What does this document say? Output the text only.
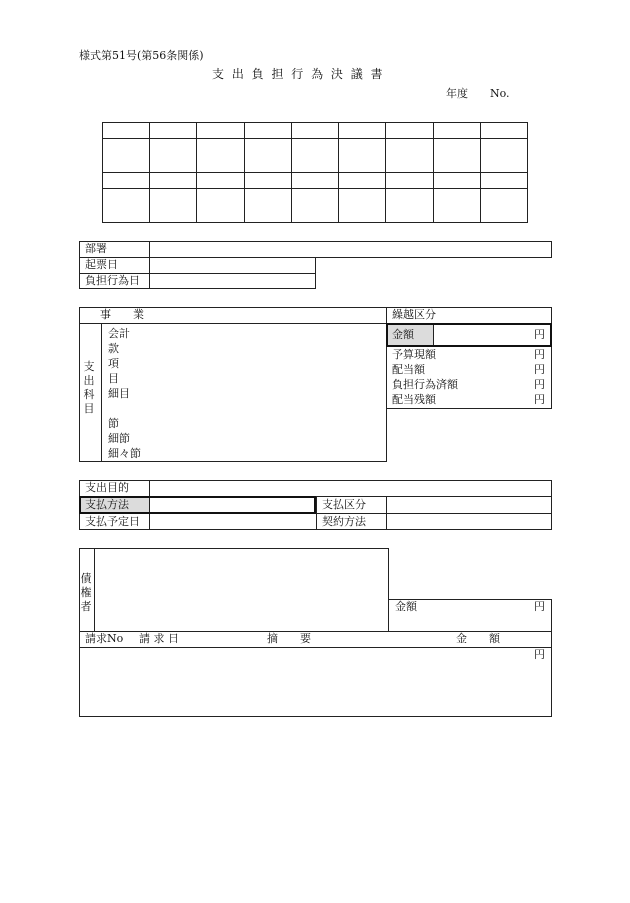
様式第51号(第56条関係)
支 出 負 担 行 為 決 議 書
年度 No.

部署
起票日
負担行為日
事　　業
支出科目
会計
款
項
目
細目
節
細節
細々節
繰越区分
金額	円
予算現額	円
配当額	円
負担行為済額	円
配当残額	円
支出目的
支払方法	支払区分
支払予定日	契約方法
債権者	金額	円
請求No 請 求 日	摘　　要	金　　額
円
